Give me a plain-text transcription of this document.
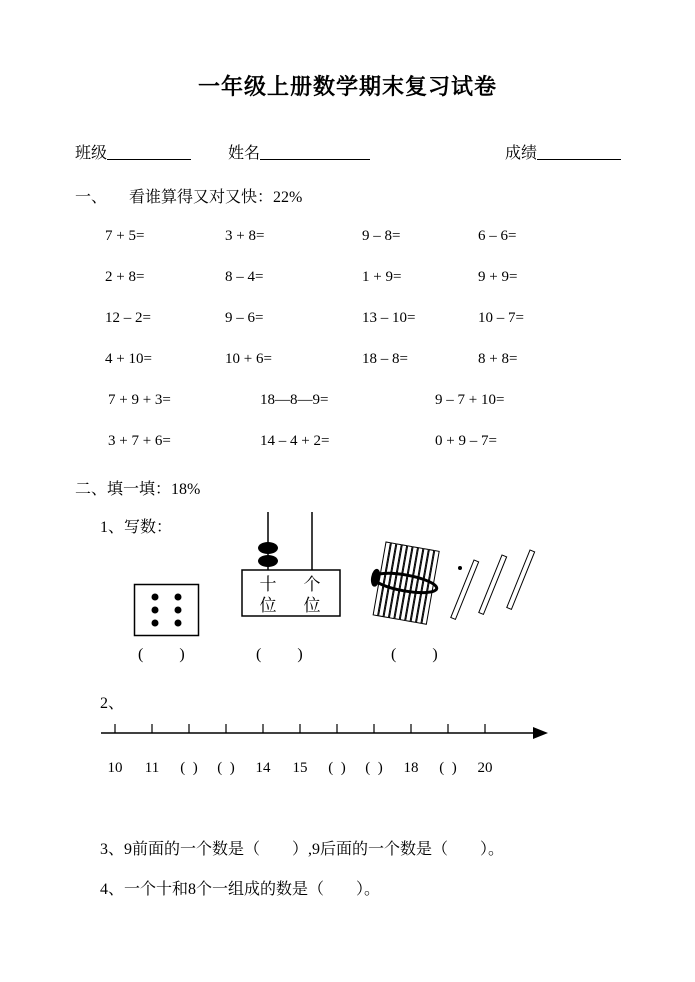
一年级上册数学期末复习试卷
班级	姓名	成绩
一、 看谁算得又对又快：22%
7 + 5=	3 + 8=	9 – 8=	6 – 6=
2 + 8=	8 – 4=	1 + 9=	9 + 9=
12 – 2=	9 – 6=	13 – 10=	10 – 7=
4 + 10=	10 + 6=	18 – 8=	8 + 8=
7 + 9 + 3=	18—8—9=	9 – 7 + 10=
3 + 7 + 6=	14 – 4 + 2=	0 + 9 – 7=
二、填一填：18%
1、写数：
十 个
位 位
(         )	(         )	(         )
2、
10 11 (  ) (  ) 14 15 (  ) (  ) 18 (  ) 20
3、9前面的一个数是（　　）,9后面的一个数是（　　）。
4、一个十和8个一组成的数是（　　）。
